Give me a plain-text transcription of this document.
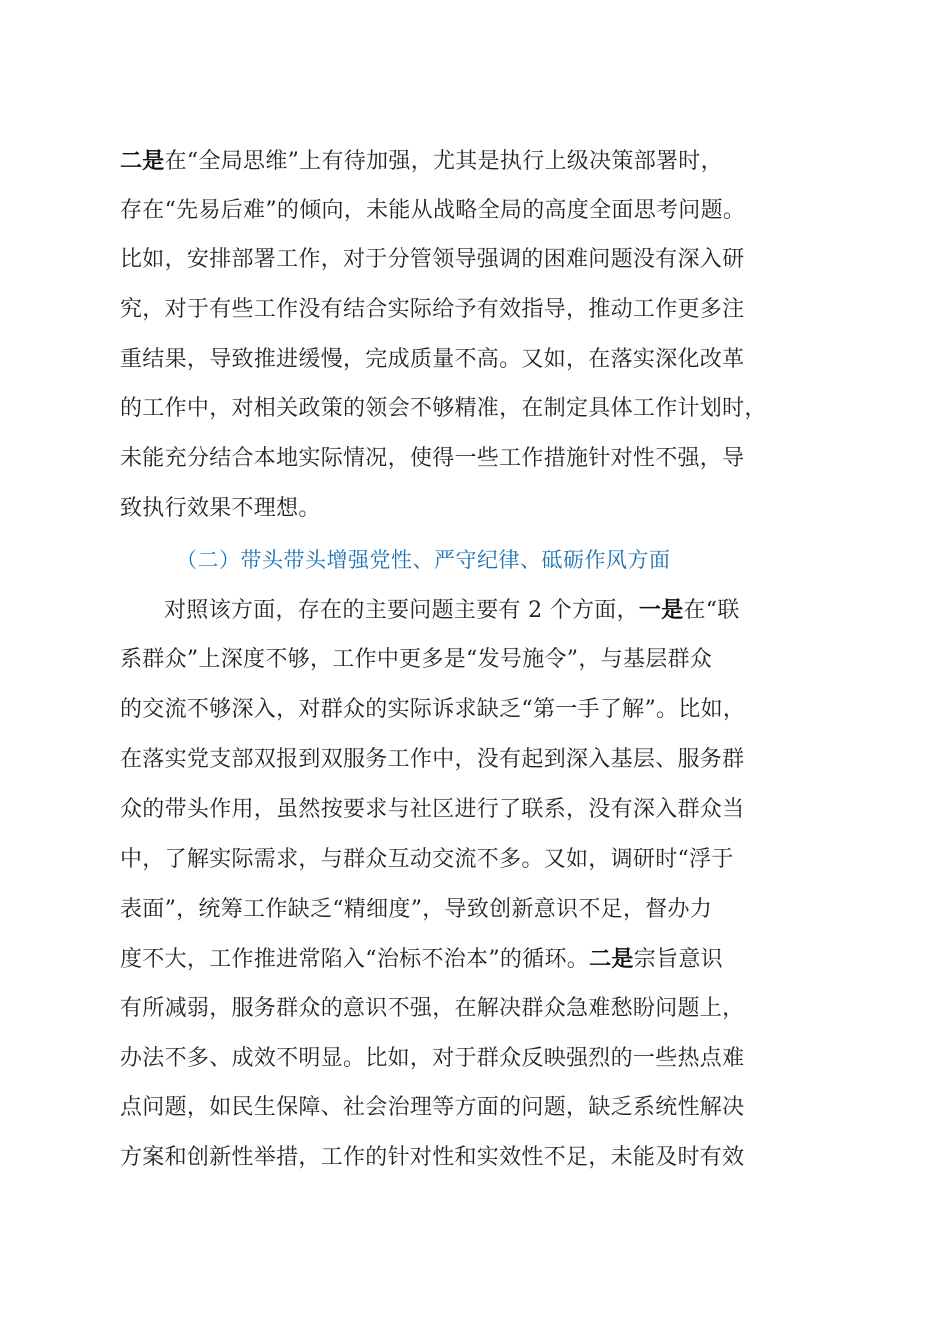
二是在“全局思维”上有待加强，尤其是执行上级决策部署时，
存在“先易后难”的倾向，未能从战略全局的高度全面思考问题。
比如，安排部署工作，对于分管领导强调的困难问题没有深入研
究，对于有些工作没有结合实际给予有效指导，推动工作更多注
重结果，导致推进缓慢，完成质量不高。又如，在落实深化改革
的工作中，对相关政策的领会不够精准，在制定具体工作计划时，
未能充分结合本地实际情况，使得一些工作措施针对性不强，导
致执行效果不理想。
（二）带头带头增强党性、严守纪律、砥砺作风方面
对照该方面，存在的主要问题主要有 2 个方面，一是在“联
系群众”上深度不够，工作中更多是“发号施令”，与基层群众
的交流不够深入，对群众的实际诉求缺乏“第一手了解”。比如，
在落实党支部双报到双服务工作中，没有起到深入基层、服务群
众的带头作用，虽然按要求与社区进行了联系，没有深入群众当
中，了解实际需求，与群众互动交流不多。又如，调研时“浮于
表面”，统筹工作缺乏“精细度”，导致创新意识不足，督办力
度不大，工作推进常陷入“治标不治本”的循环。二是宗旨意识
有所减弱，服务群众的意识不强，在解决群众急难愁盼问题上，
办法不多、成效不明显。比如，对于群众反映强烈的一些热点难
点问题，如民生保障、社会治理等方面的问题，缺乏系统性解决
方案和创新性举措，工作的针对性和实效性不足，未能及时有效
